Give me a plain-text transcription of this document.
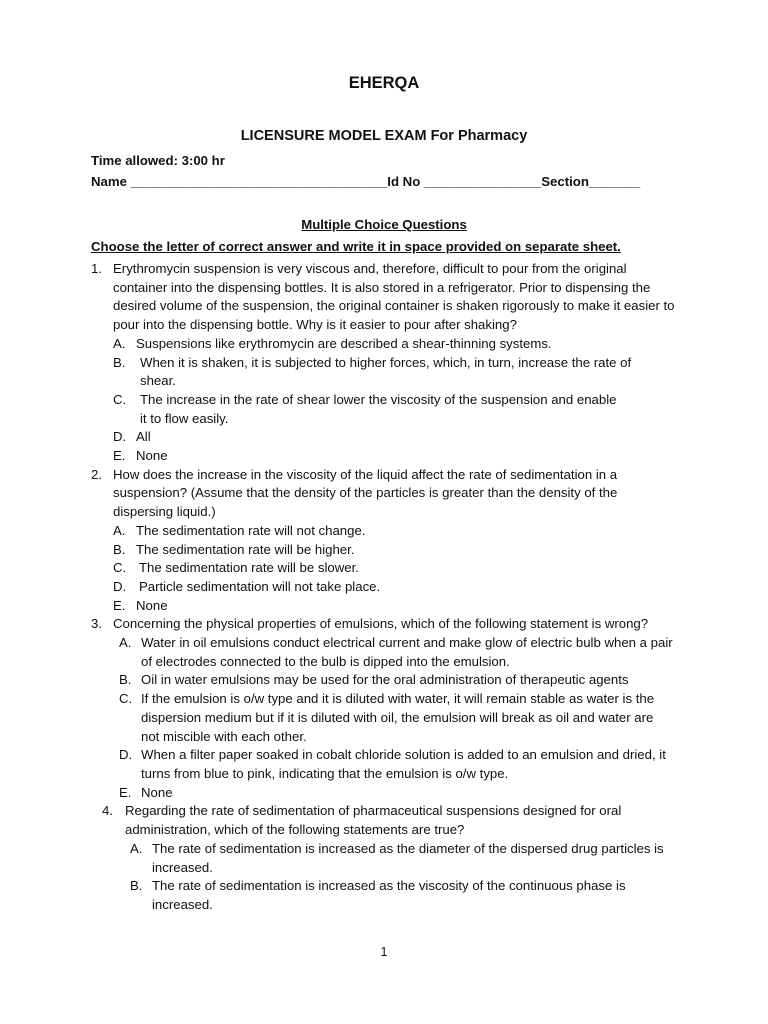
EHERQA
LICENSURE MODEL EXAM For Pharmacy
Time allowed: 3:00 hr
Name ___________________________________Id No ________________Section_______
Multiple Choice Questions
Choose the letter of correct answer and write it in space provided on separate sheet.
1. Erythromycin suspension is very viscous and, therefore, difficult to pour from the original
container into the dispensing bottles. It is also stored in a refrigerator. Prior to dispensing the
desired volume of the suspension, the original container is shaken rigorously to make it easier to
pour into the dispensing bottle. Why is it easier to pour after shaking?
A. Suspensions like erythromycin are described a shear-thinning systems.
B.	When it is shaken, it is subjected to higher forces, which, in turn, increase the rate of
shear.
C.	The increase in the rate of shear lower the viscosity of the suspension and enable
it to flow easily.
D. All
E. None
2. How does the increase in the viscosity of the liquid affect the rate of sedimentation in a
suspension? (Assume that the density of the particles is greater than the density of the
dispersing liquid.)
A. The sedimentation rate will not change.
B. The sedimentation rate will be higher.
C. The sedimentation rate will be slower.
D. Particle sedimentation will not take place.
E. None
3. Concerning the physical properties of emulsions, which of the following statement is wrong?
A. Water in oil emulsions conduct electrical current and make glow of electric bulb when a pair
of electrodes connected to the bulb is dipped into the emulsion.
B. Oil in water emulsions may be used for the oral administration of therapeutic agents
C. If the emulsion is o/w type and it is diluted with water, it will remain stable as water is the
dispersion medium but if it is diluted with oil, the emulsion will break as oil and water are
not miscible with each other.
D. When a filter paper soaked in cobalt chloride solution is added to an emulsion and dried, it
turns from blue to pink, indicating that the emulsion is o/w type.
E. None
4. Regarding the rate of sedimentation of pharmaceutical suspensions designed for oral
administration, which of the following statements are true?
A. The rate of sedimentation is increased as the diameter of the dispersed drug particles is
increased.
B. The rate of sedimentation is increased as the viscosity of the continuous phase is
increased.
1
